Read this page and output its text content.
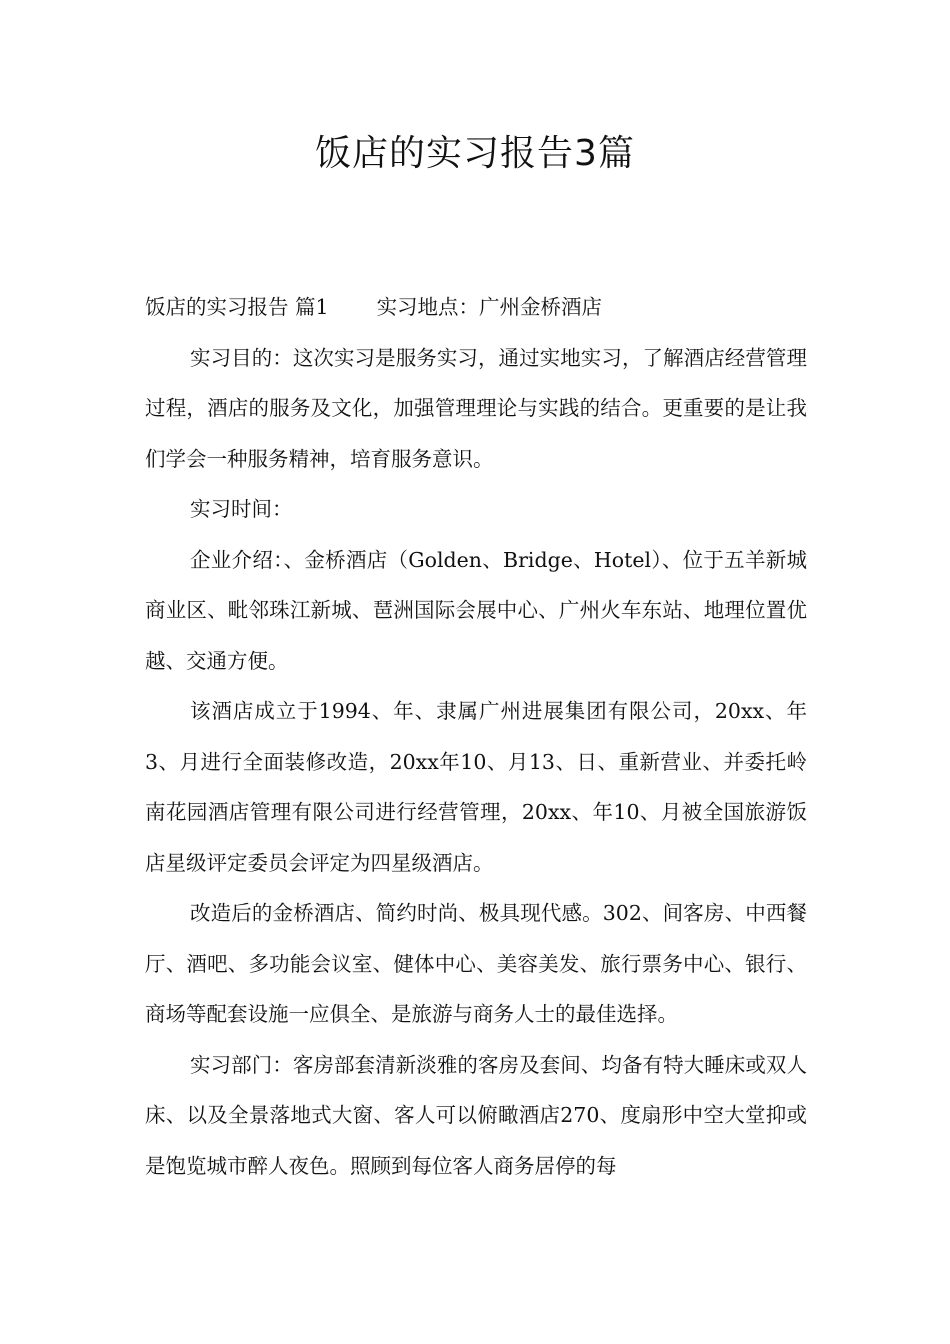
饭店的实习报告3篇

饭店的实习报告 篇1 实习地点：广州金桥酒店

实习目的：这次实习是服务实习，通过实地实习，了解酒店经营管理过程，酒店的服务及文化，加强管理理论与实践的结合。更重要的是让我们学会一种服务精神，培育服务意识。

实习时间：

企业介绍：、金桥酒店（Golden、Bridge、Hotel）、位于五羊新城商业区、毗邻珠江新城、琶洲国际会展中心、广州火车东站、地理位置优越、交通方便。

该酒店成立于1994、年、隶属广州进展集团有限公司，20xx、年3、月进行全面装修改造，20xx年10、月13、日、重新营业、并委托岭南花园酒店管理有限公司进行经营管理，20xx、年10、月被全国旅游饭店星级评定委员会评定为四星级酒店。

改造后的金桥酒店、简约时尚、极具现代感。302、间客房、中西餐厅、酒吧、多功能会议室、健体中心、美容美发、旅行票务中心、银行、商场等配套设施一应俱全、是旅游与商务人士的最佳选择。

实习部门：客房部套清新淡雅的客房及套间、均备有特大睡床或双人床、以及全景落地式大窗、客人可以俯瞰酒店270、度扇形中空大堂抑或是饱览城市醉人夜色。照顾到每位客人商务居停的每
